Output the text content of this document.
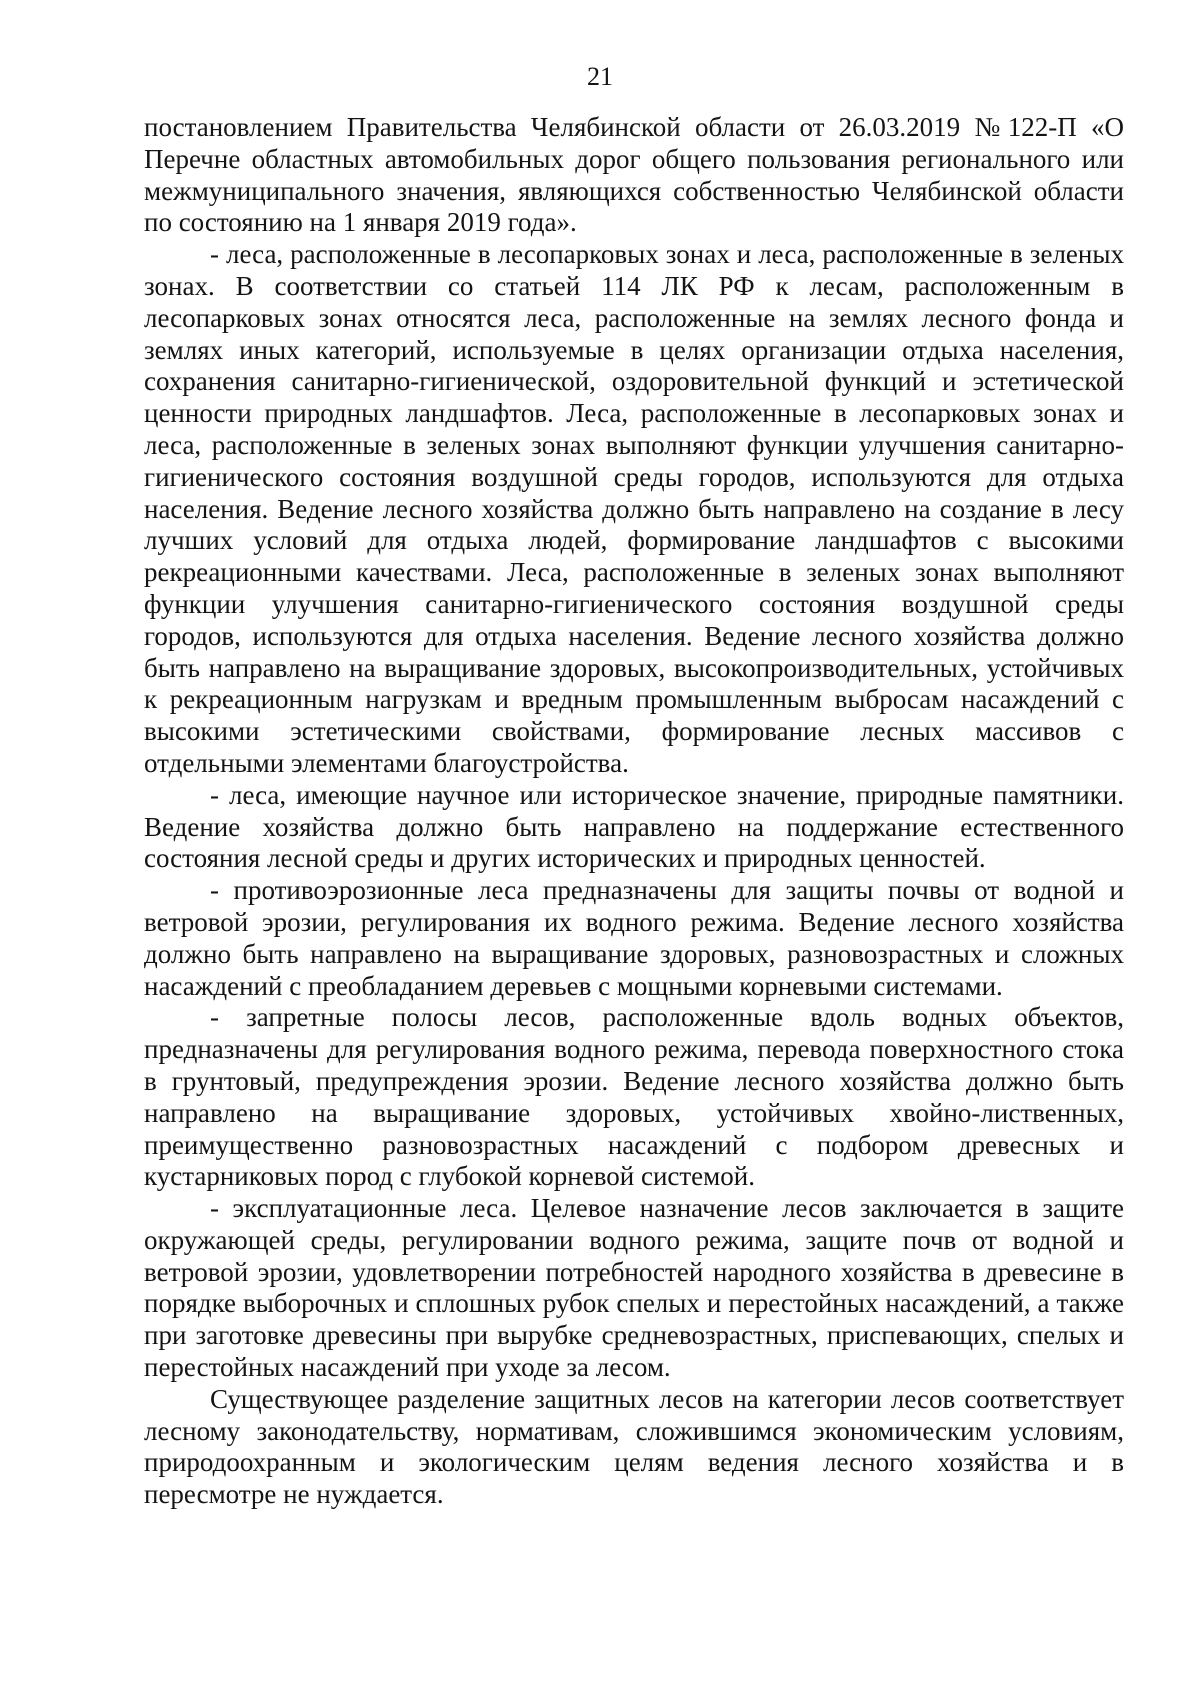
21

постановлением Правительства Челябинской области от 26.03.2019 №122-П «О Перечне областных автомобильных дорог общего пользования регионального или межмуниципального значения, являющихся собственностью Челябинской области по состоянию на 1 января 2019 года».

- леса, расположенные в лесопарковых зонах и леса, расположенные в зеленых зонах. В соответствии со статьей 114 ЛК РФ к лесам, расположенным в лесопарковых зонах относятся леса, расположенные на землях лесного фонда и землях иных категорий, используемые в целях организации отдыха населения, сохранения санитарно-гигиенической, оздоровительной функций и эстетической ценности природных ландшафтов. Леса, расположенные в лесопарковых зонах и леса, расположенные в зеленых зонах выполняют функции улучшения санитарно-гигиенического состояния воздушной среды городов, используются для отдыха населения. Ведение лесного хозяйства должно быть направлено на создание в лесу лучших условий для отдыха людей, формирование ландшафтов с высокими рекреационными качествами. Леса, расположенные в зеленых зонах выполняют функции улучшения санитарно-гигиенического состояния воздушной среды городов, используются для отдыха населения. Ведение лесного хозяйства должно быть направлено на выращивание здоровых, высокопроизводительных, устойчивых к рекреационным нагрузкам и вредным промышленным выбросам насаждений с высокими эстетическими свойствами, формирование лесных массивов с отдельными элементами благоустройства.

- леса, имеющие научное или историческое значение, природные памятники. Ведение хозяйства должно быть направлено на поддержание естественного состояния лесной среды и других исторических и природных ценностей.

- противоэрозионные леса предназначены для защиты почвы от водной и ветровой эрозии, регулирования их водного режима. Ведение лесного хозяйства должно быть направлено на выращивание здоровых, разновозрастных и сложных насаждений с преобладанием деревьев с мощными корневыми системами.

- запретные полосы лесов, расположенные вдоль водных объектов, предназначены для регулирования водного режима, перевода поверхностного стока в грунтовый, предупреждения эрозии. Ведение лесного хозяйства должно быть направлено на выращивание здоровых, устойчивых хвойно-лиственных, преимущественно разновозрастных насаждений с подбором древесных и кустарниковых пород с глубокой корневой системой.

- эксплуатационные леса. Целевое назначение лесов заключается в защите окружающей среды, регулировании водного режима, защите почв от водной и ветровой эрозии, удовлетворении потребностей народного хозяйства в древесине в порядке выборочных и сплошных рубок спелых и перестойных насаждений, а также при заготовке древесины при вырубке средневозрастных, приспевающих, спелых и перестойных насаждений при уходе за лесом.

Существующее разделение защитных лесов на категории лесов соответствует лесному законодательству, нормативам, сложившимся экономическим условиям, природоохранным и экологическим целям ведения лесного хозяйства и в пересмотре не нуждается.
